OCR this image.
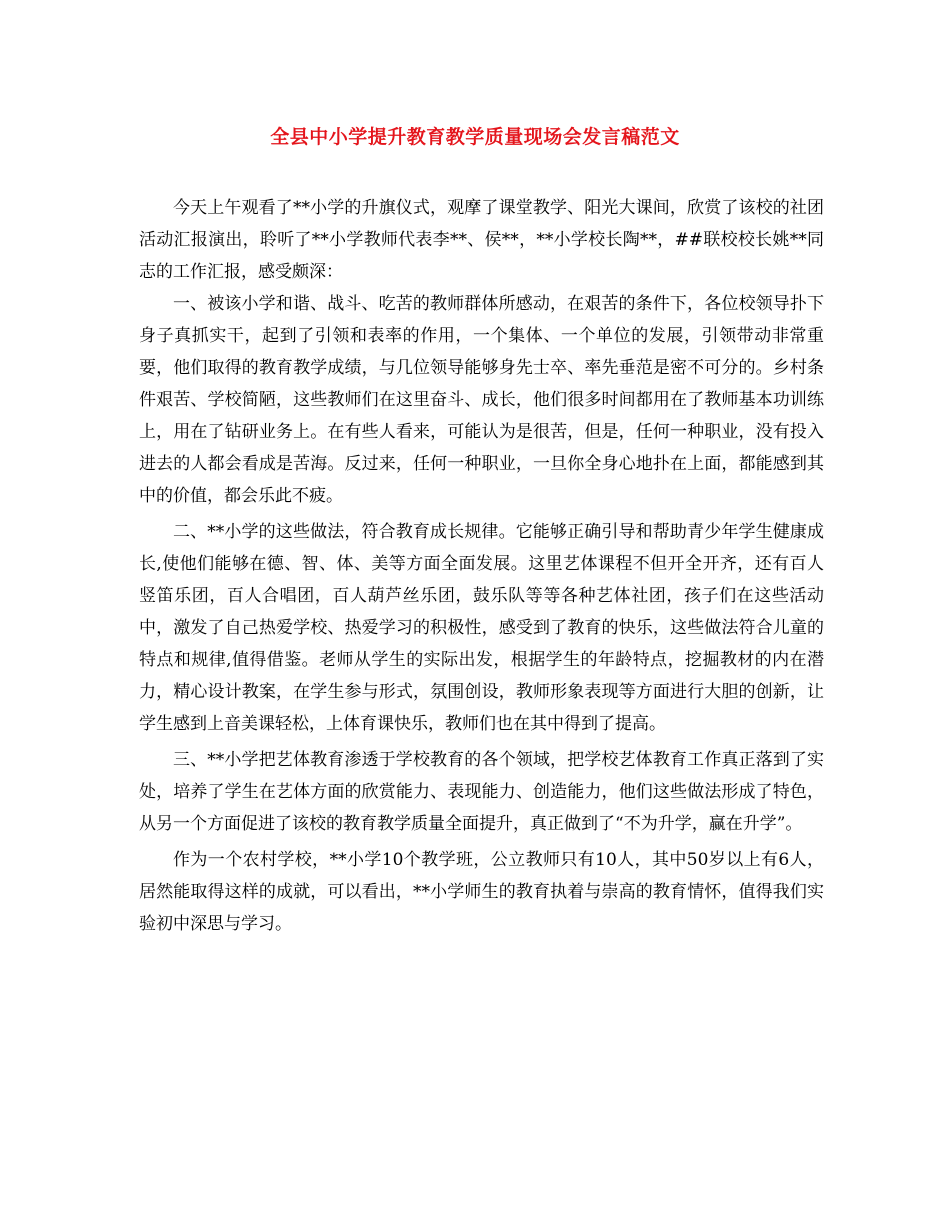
全县中小学提升教育教学质量现场会发言稿范文

今天上午观看了**小学的升旗仪式，观摩了课堂教学、阳光大课间，欣赏了该校的社团活动汇报演出，聆听了**小学教师代表李**、侯**，**小学校长陶**，##联校校长姚**同志的工作汇报，感受颇深：

一、被该小学和谐、战斗、吃苦的教师群体所感动，在艰苦的条件下，各位校领导扑下身子真抓实干，起到了引领和表率的作用，一个集体、一个单位的发展，引领带动非常重要，他们取得的教育教学成绩，与几位领导能够身先士卒、率先垂范是密不可分的。乡村条件艰苦、学校简陋，这些教师们在这里奋斗、成长，他们很多时间都用在了教师基本功训练上，用在了钻研业务上。在有些人看来，可能认为是很苦，但是，任何一种职业，没有投入进去的人都会看成是苦海。反过来，任何一种职业，一旦你全身心地扑在上面，都能感到其中的价值，都会乐此不疲。

二、**小学的这些做法，符合教育成长规律。它能够正确引导和帮助青少年学生健康成长,使他们能够在德、智、体、美等方面全面发展。这里艺体课程不但开全开齐，还有百人竖笛乐团，百人合唱团，百人葫芦丝乐团，鼓乐队等等各种艺体社团，孩子们在这些活动中，激发了自己热爱学校、热爱学习的积极性，感受到了教育的快乐，这些做法符合儿童的特点和规律,值得借鉴。老师从学生的实际出发，根据学生的年龄特点，挖掘教材的内在潜力，精心设计教案，在学生参与形式，氛围创设，教师形象表现等方面进行大胆的创新，让学生感到上音美课轻松，上体育课快乐，教师们也在其中得到了提高。

三、**小学把艺体教育渗透于学校教育的各个领域，把学校艺体教育工作真正落到了实处，培养了学生在艺体方面的欣赏能力、表现能力、创造能力，他们这些做法形成了特色，从另一个方面促进了该校的教育教学质量全面提升，真正做到了“不为升学，赢在升学”。

作为一个农村学校，**小学10个教学班，公立教师只有10人，其中50岁以上有6人，居然能取得这样的成就，可以看出，**小学师生的教育执着与崇高的教育情怀，值得我们实验初中深思与学习。
